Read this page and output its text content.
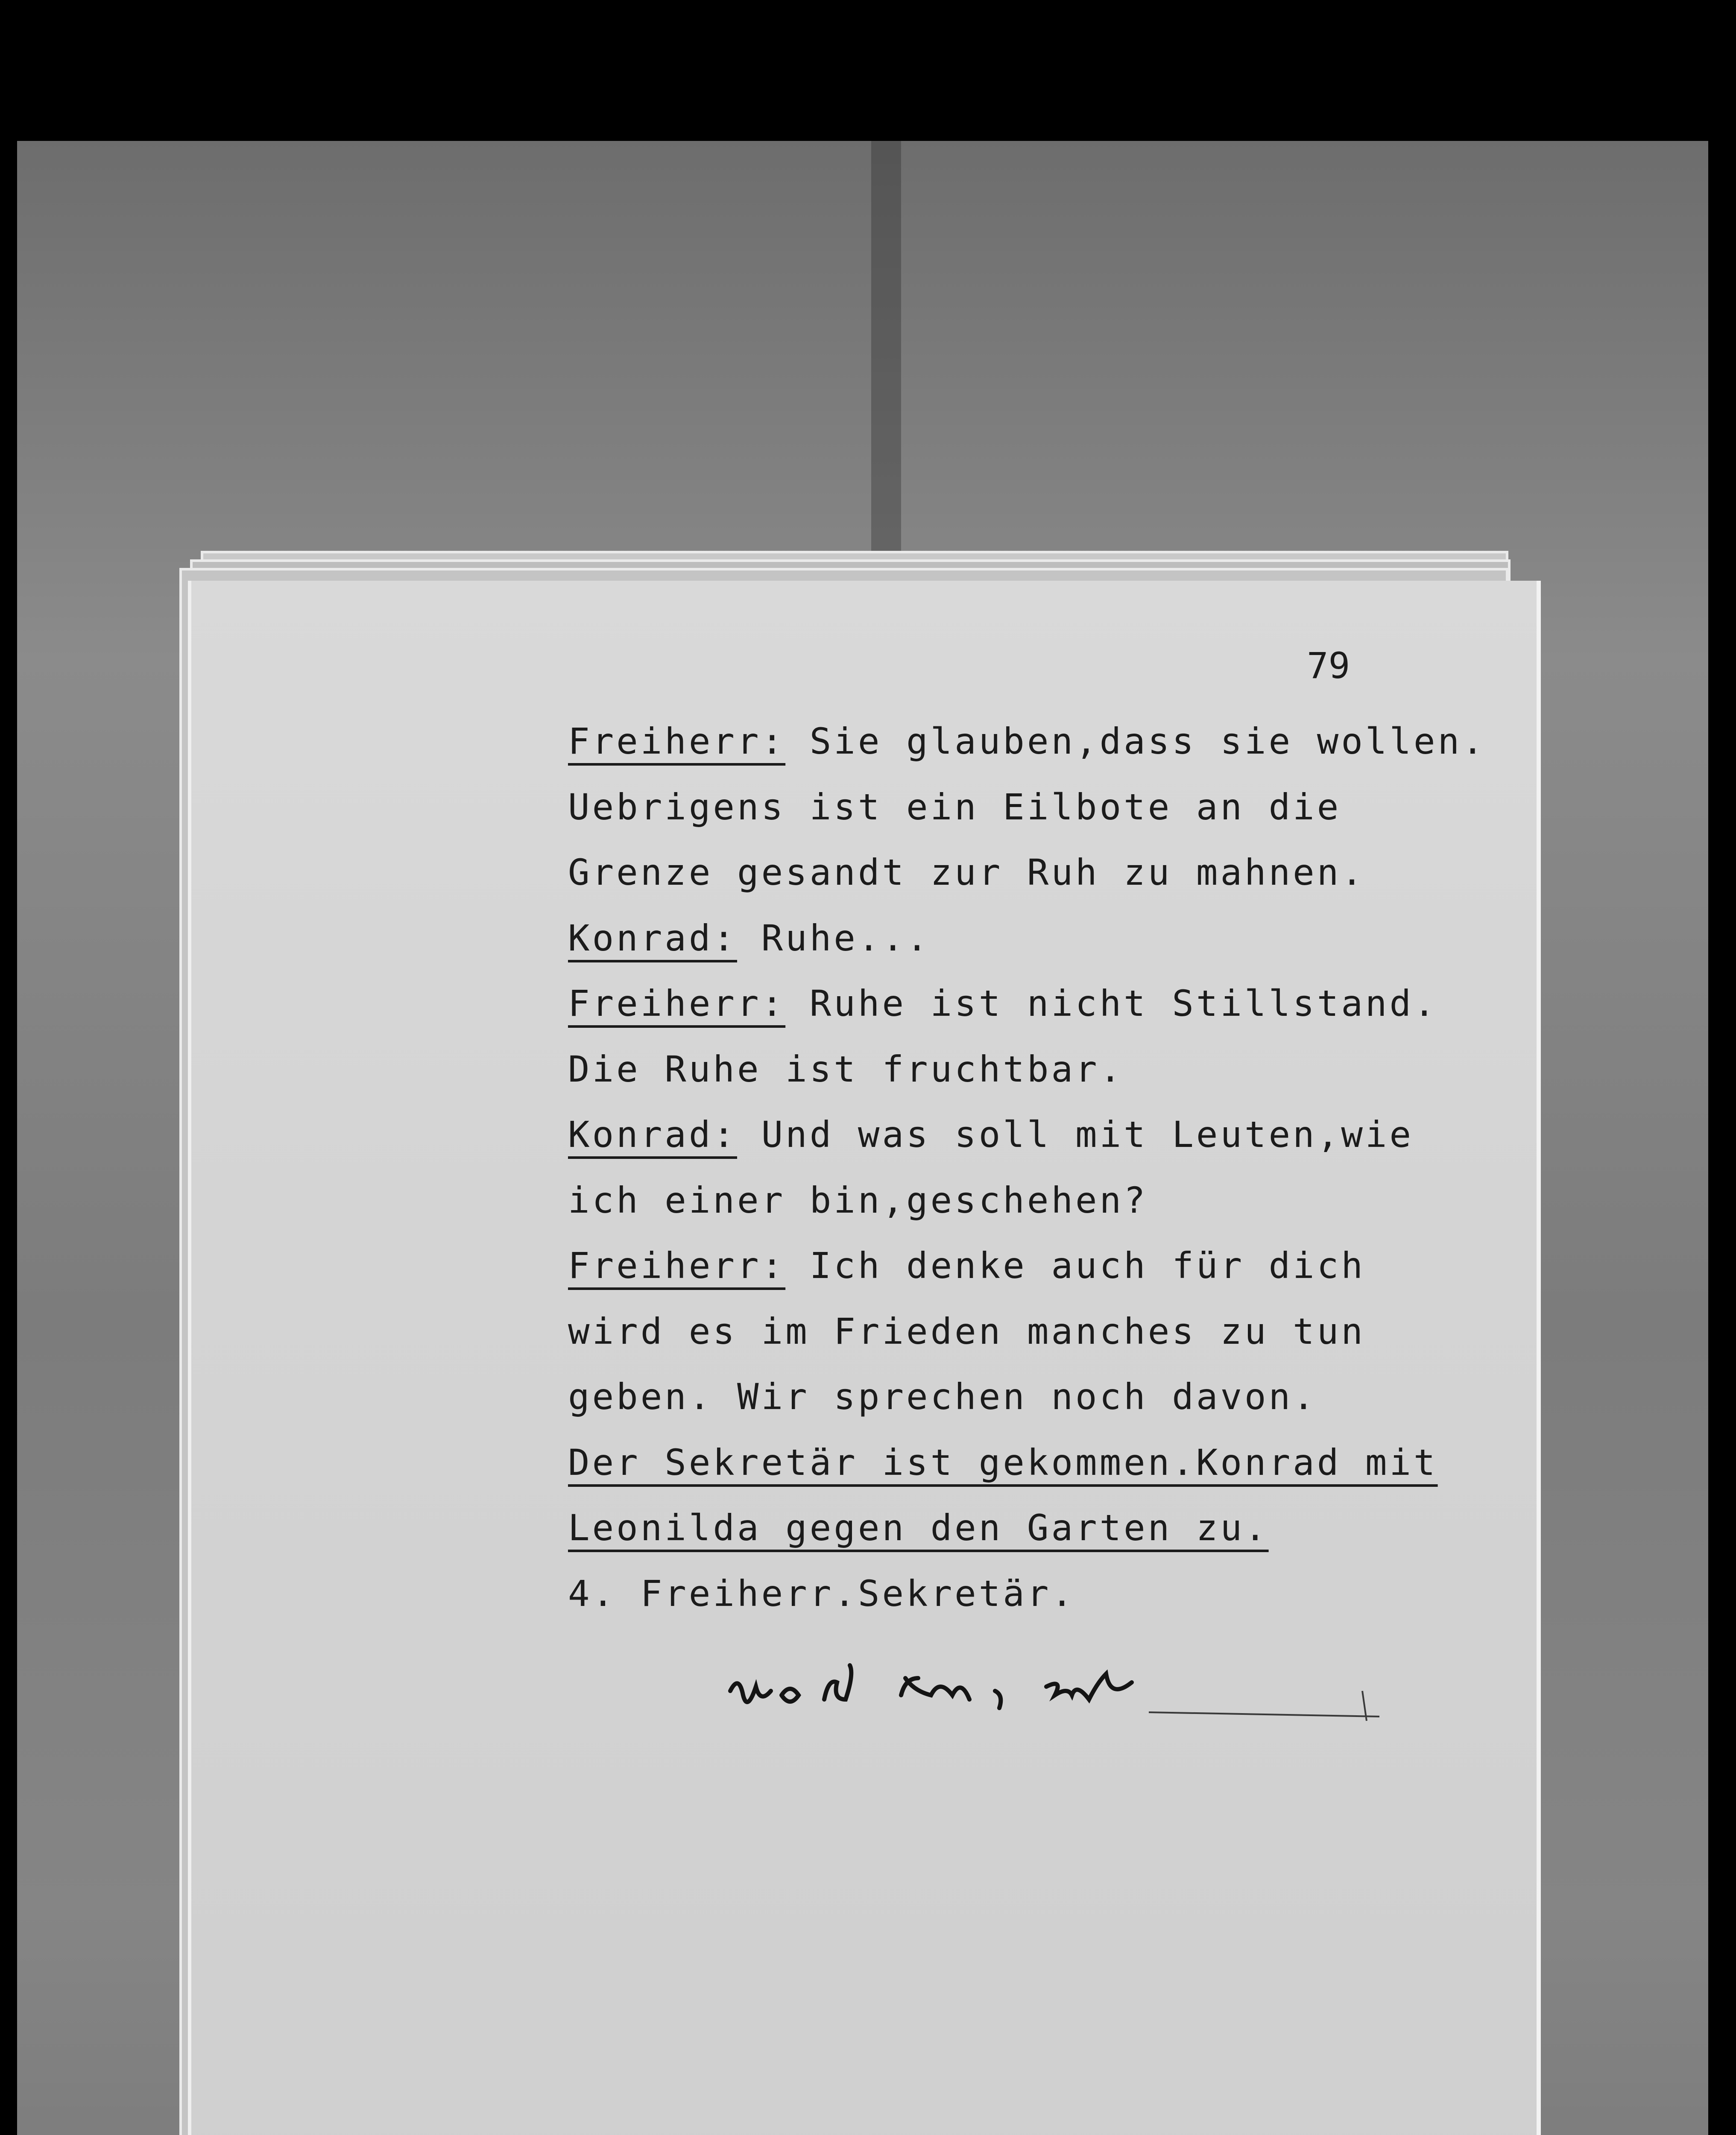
79
Freiherr: Sie glauben,dass sie wollen.
Uebrigens ist ein Eilbote an die
Grenze gesandt zur Ruh zu mahnen.
Konrad: Ruhe...
Freiherr: Ruhe ist nicht Stillstand.
Die Ruhe ist fruchtbar.
Konrad: Und was soll mit Leuten,wie
ich einer bin,geschehen?
Freiherr: Ich denke auch für dich
wird es im Frieden manches zu tun
geben. Wir sprechen noch davon.
Der Sekretär ist gekommen.Konrad mit
Leonilda gegen den Garten zu.
4. Freiherr.Sekretär.
